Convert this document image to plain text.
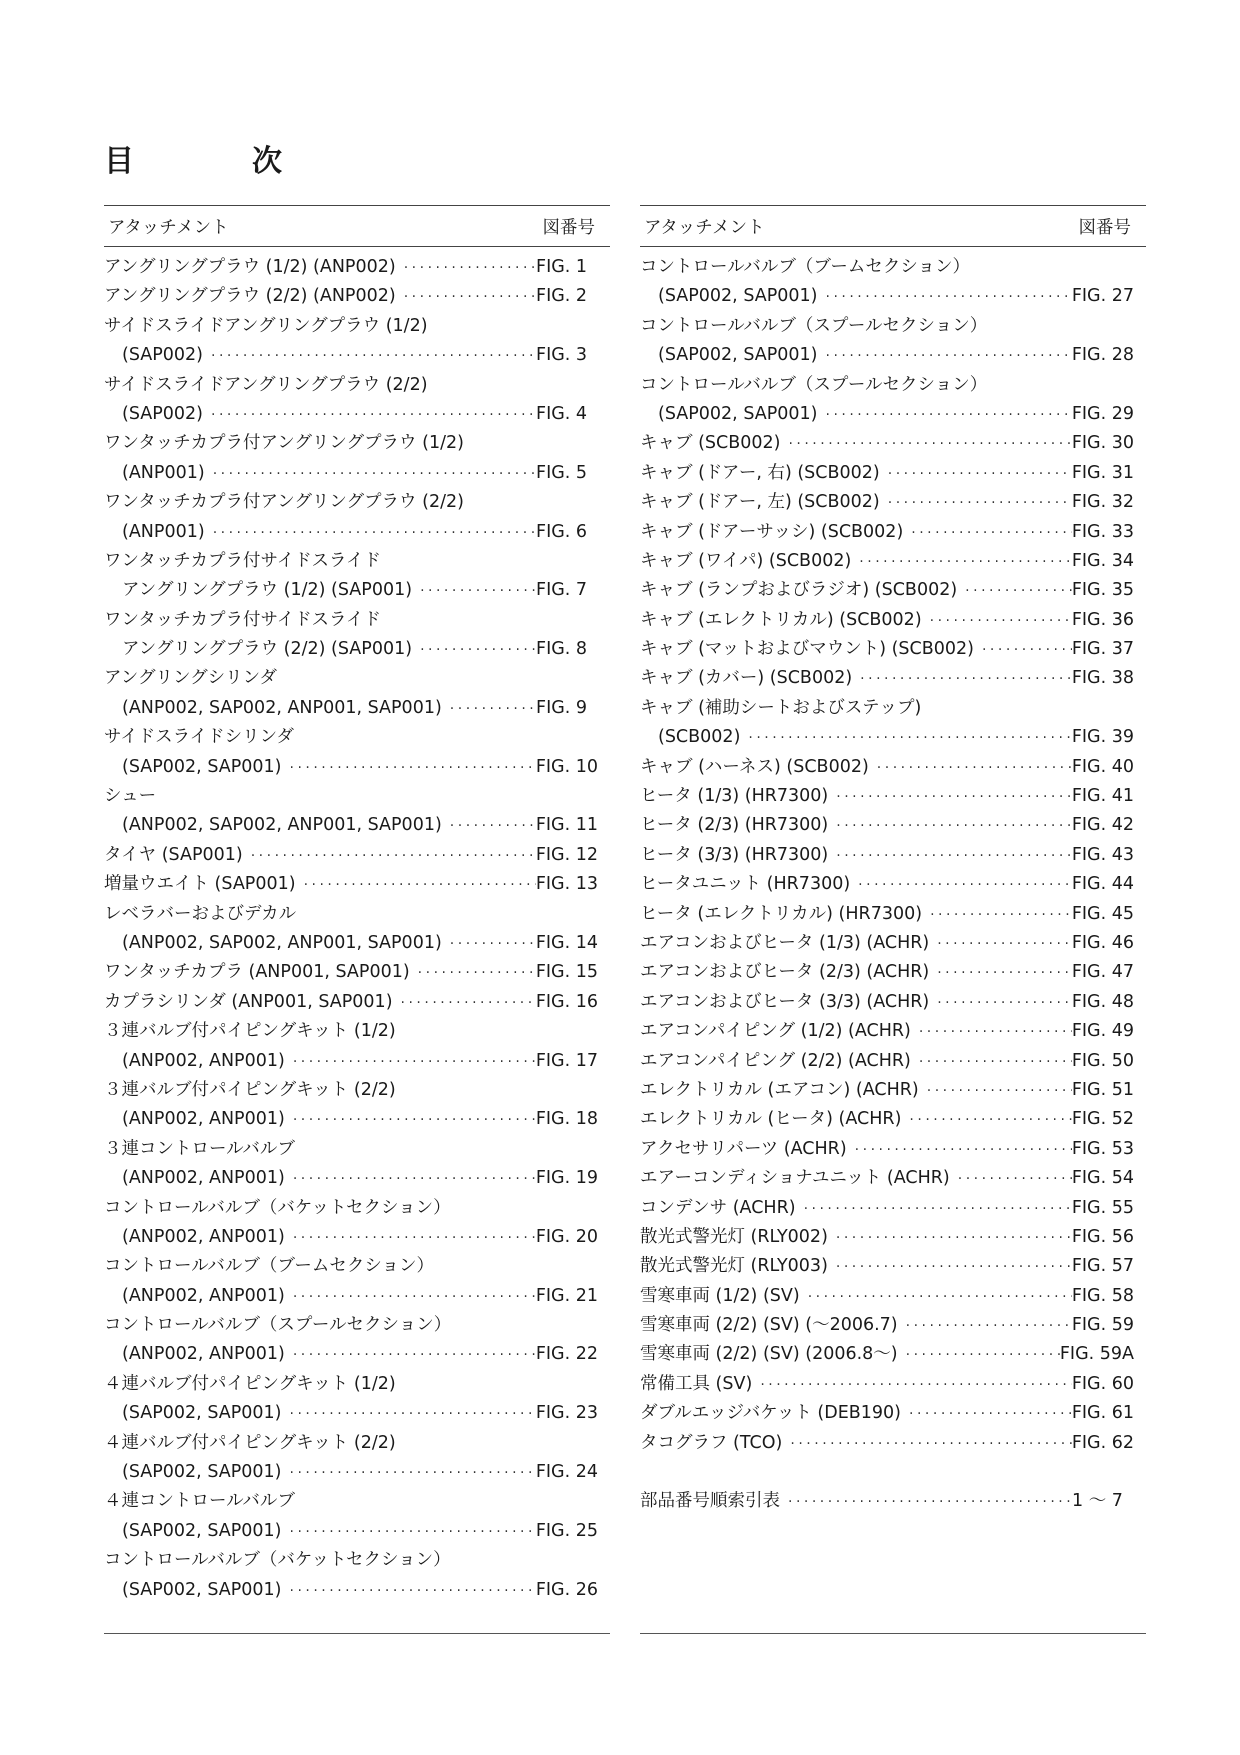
目　次
アタッチメント	図番号
アングリングプラウ (1/2) (ANP002) ·····	FIG. 1
アングリングプラウ (2/2) (ANP002) ·····	FIG. 2
サイドスライドアングリングプラウ (1/2)
(SAP002) ·····	FIG. 3
サイドスライドアングリングプラウ (2/2)
(SAP002) ·····	FIG. 4
ワンタッチカプラ付アングリングプラウ (1/2)
(ANP001) ·····	FIG. 5
ワンタッチカプラ付アングリングプラウ (2/2)
(ANP001) ·····	FIG. 6
ワンタッチカプラ付サイドスライド
アングリングプラウ (1/2) (SAP001) ·····	FIG. 7
ワンタッチカプラ付サイドスライド
アングリングプラウ (2/2) (SAP001) ·····	FIG. 8
アングリングシリンダ
(ANP002, SAP002, ANP001, SAP001) ·····	FIG. 9
サイドスライドシリンダ
(SAP002, SAP001) ·····	FIG. 10
シュー
(ANP002, SAP002, ANP001, SAP001) ·····	FIG. 11
タイヤ (SAP001) ·····	FIG. 12
増量ウエイト (SAP001) ·····	FIG. 13
レベラバーおよびデカル
(ANP002, SAP002, ANP001, SAP001) ·····	FIG. 14
ワンタッチカプラ (ANP001, SAP001) ·····	FIG. 15
カプラシリンダ (ANP001, SAP001) ·····	FIG. 16
３連バルブ付パイピングキット (1/2)
(ANP002, ANP001) ·····	FIG. 17
３連バルブ付パイピングキット (2/2)
(ANP002, ANP001) ·····	FIG. 18
３連コントロールバルブ
(ANP002, ANP001) ·····	FIG. 19
コントロールバルブ（バケットセクション）
(ANP002, ANP001) ·····	FIG. 20
コントロールバルブ（ブームセクション）
(ANP002, ANP001) ·····	FIG. 21
コントロールバルブ（スプールセクション）
(ANP002, ANP001) ·····	FIG. 22
４連バルブ付パイピングキット (1/2)
(SAP002, SAP001) ·····	FIG. 23
４連バルブ付パイピングキット (2/2)
(SAP002, SAP001) ·····	FIG. 24
４連コントロールバルブ
(SAP002, SAP001) ·····	FIG. 25
コントロールバルブ（バケットセクション）
(SAP002, SAP001) ·····	FIG. 26
アタッチメント	図番号
コントロールバルブ（ブームセクション）
(SAP002, SAP001) ·····	FIG. 27
コントロールバルブ（スプールセクション）
(SAP002, SAP001) ·····	FIG. 28
コントロールバルブ（スプールセクション）
(SAP002, SAP001) ·····	FIG. 29
キャブ (SCB002) ·····	FIG. 30
キャブ (ドアー, 右) (SCB002) ·····	FIG. 31
キャブ (ドアー, 左) (SCB002) ·····	FIG. 32
キャブ (ドアーサッシ) (SCB002) ·····	FIG. 33
キャブ (ワイパ) (SCB002) ·····	FIG. 34
キャブ (ランプおよびラジオ) (SCB002) ·····	FIG. 35
キャブ (エレクトリカル) (SCB002) ·····	FIG. 36
キャブ (マットおよびマウント) (SCB002) ·····	FIG. 37
キャブ (カバー) (SCB002) ·····	FIG. 38
キャブ (補助シートおよびステップ)
(SCB002) ·····	FIG. 39
キャブ (ハーネス) (SCB002) ·····	FIG. 40
ヒータ (1/3) (HR7300) ·····	FIG. 41
ヒータ (2/3) (HR7300) ·····	FIG. 42
ヒータ (3/3) (HR7300) ·····	FIG. 43
ヒータユニット (HR7300) ·····	FIG. 44
ヒータ (エレクトリカル) (HR7300) ·····	FIG. 45
エアコンおよびヒータ (1/3) (ACHR) ·····	FIG. 46
エアコンおよびヒータ (2/3) (ACHR) ·····	FIG. 47
エアコンおよびヒータ (3/3) (ACHR) ·····	FIG. 48
エアコンパイピング (1/2) (ACHR) ·····	FIG. 49
エアコンパイピング (2/2) (ACHR) ·····	FIG. 50
エレクトリカル (エアコン) (ACHR) ·····	FIG. 51
エレクトリカル (ヒータ) (ACHR) ·····	FIG. 52
アクセサリパーツ (ACHR) ·····	FIG. 53
エアーコンディショナユニット (ACHR) ·····	FIG. 54
コンデンサ (ACHR) ·····	FIG. 55
散光式警光灯 (RLY002) ·····	FIG. 56
散光式警光灯 (RLY003) ·····	FIG. 57
雪寒車両 (1/2) (SV) ·····	FIG. 58
雪寒車両 (2/2) (SV) (～2006.7) ·····	FIG. 59
雪寒車両 (2/2) (SV) (2006.8～) ·····	FIG. 59A
常備工具 (SV) ·····	FIG. 60
ダブルエッジバケット (DEB190) ·····	FIG. 61
タコグラフ (TCO) ·····	FIG. 62
部品番号順索引表 ·····	1 ～ 7
